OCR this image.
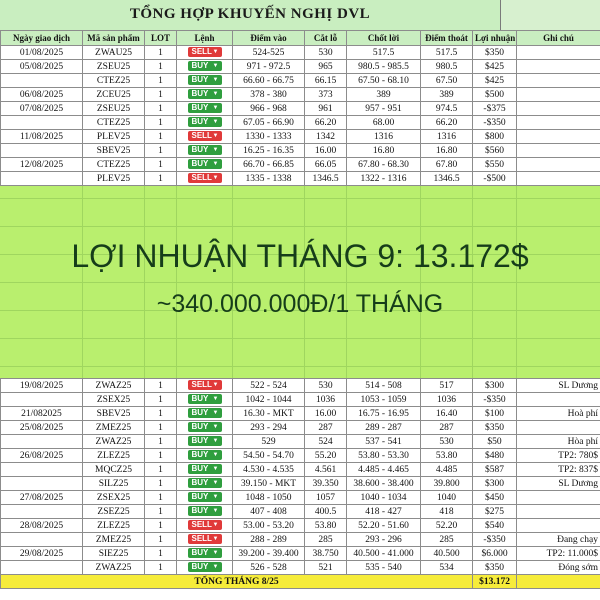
TỔNG HỢP KHUYẾN NGHỊ DVL
Ngày giao dịch	Mã sản phẩm	LOT	Lệnh	Điểm vào	Cắt lỗ	Chốt lời	Điểm thoát	Lợi nhuận	Ghi chú
01/08/2025	ZWAU25	1	SELL ▼	524-525	530	517.5	517.5	$350	
05/08/2025	ZSEU25	1	BUY ▼	971 - 972.5	965	980.5 - 985.5	980.5	$425	
	CTEZ25	1	BUY ▼	66.60 - 66.75	66.15	67.50 - 68.10	67.50	$425	
06/08/2025	ZCEU25	1	BUY ▼	378 - 380	373	389	389	$500	
07/08/2025	ZSEU25	1	BUY ▼	966 - 968	961	957 - 951	974.5	-$375	
	CTEZ25	1	BUY ▼	67.05 - 66.90	66.20	68.00	66.20	-$350	
11/08/2025	PLEV25	1	SELL ▼	1330 - 1333	1342	1316	1316	$800	
	SBEV25	1	BUY ▼	16.25 - 16.35	16.00	16.80	16.80	$560	
12/08/2025	CTEZ25	1	BUY ▼	66.70 - 66.85	66.05	67.80 - 68.30	67.80	$550	
	PLEV25	1	SELL ▼	1335 - 1338	1346.5	1322 - 1316	1346.5	-$500	
LỢI NHUẬN THÁNG 9: 13.172$
~340.000.000Đ/1 THÁNG
19/08/2025	ZWAZ25	1	SELL ▼	522 - 524	530	514 - 508	517	$300	SL Dương
	ZSEX25	1	BUY ▼	1042 - 1044	1036	1053 - 1059	1036	-$350	
21/082025	SBEV25	1	BUY ▼	16.30 - MKT	16.00	16.75 - 16.95	16.40	$100	Hoà phí
25/08/2025	ZMEZ25	1	BUY ▼	293 - 294	287	289 - 287	287	$350	
	ZWAZ25	1	BUY ▼	529	524	537 - 541	530	$50	Hòa phí
26/08/2025	ZLEZ25	1	BUY ▼	54.50 - 54.70	55.20	53.80 - 53.30	53.80	$480	TP2: 780$
	MQCZ25	1	BUY ▼	4.530 - 4.535	4.561	4.485 - 4.465	4.485	$587	TP2: 837$
	SILZ25	1	BUY ▼	39.150 - MKT	39.350	38.600 - 38.400	39.800	$300	SL Dương
27/08/2025	ZSEX25	1	BUY ▼	1048 - 1050	1057	1040 - 1034	1040	$450	
	ZSEZ25	1	BUY ▼	407 - 408	400.5	418 - 427	418	$275	
28/08/2025	ZLEZ25	1	SELL ▼	53.00 - 53.20	53.80	52.20 - 51.60	52.20	$540	
	ZMEZ25	1	SELL ▼	288 - 289	285	293 - 296	285	-$350	Đang chạy
29/08/2025	SIEZ25	1	BUY ▼	39.200 - 39.400	38.750	40.500 - 41.000	40.500	$6.000	TP2: 11.000$
	ZWAZ25	1	BUY ▼	526 - 528	521	535 - 540	534	$350	Đóng sớm
TỔNG THÁNG 8/25								$13.172	
